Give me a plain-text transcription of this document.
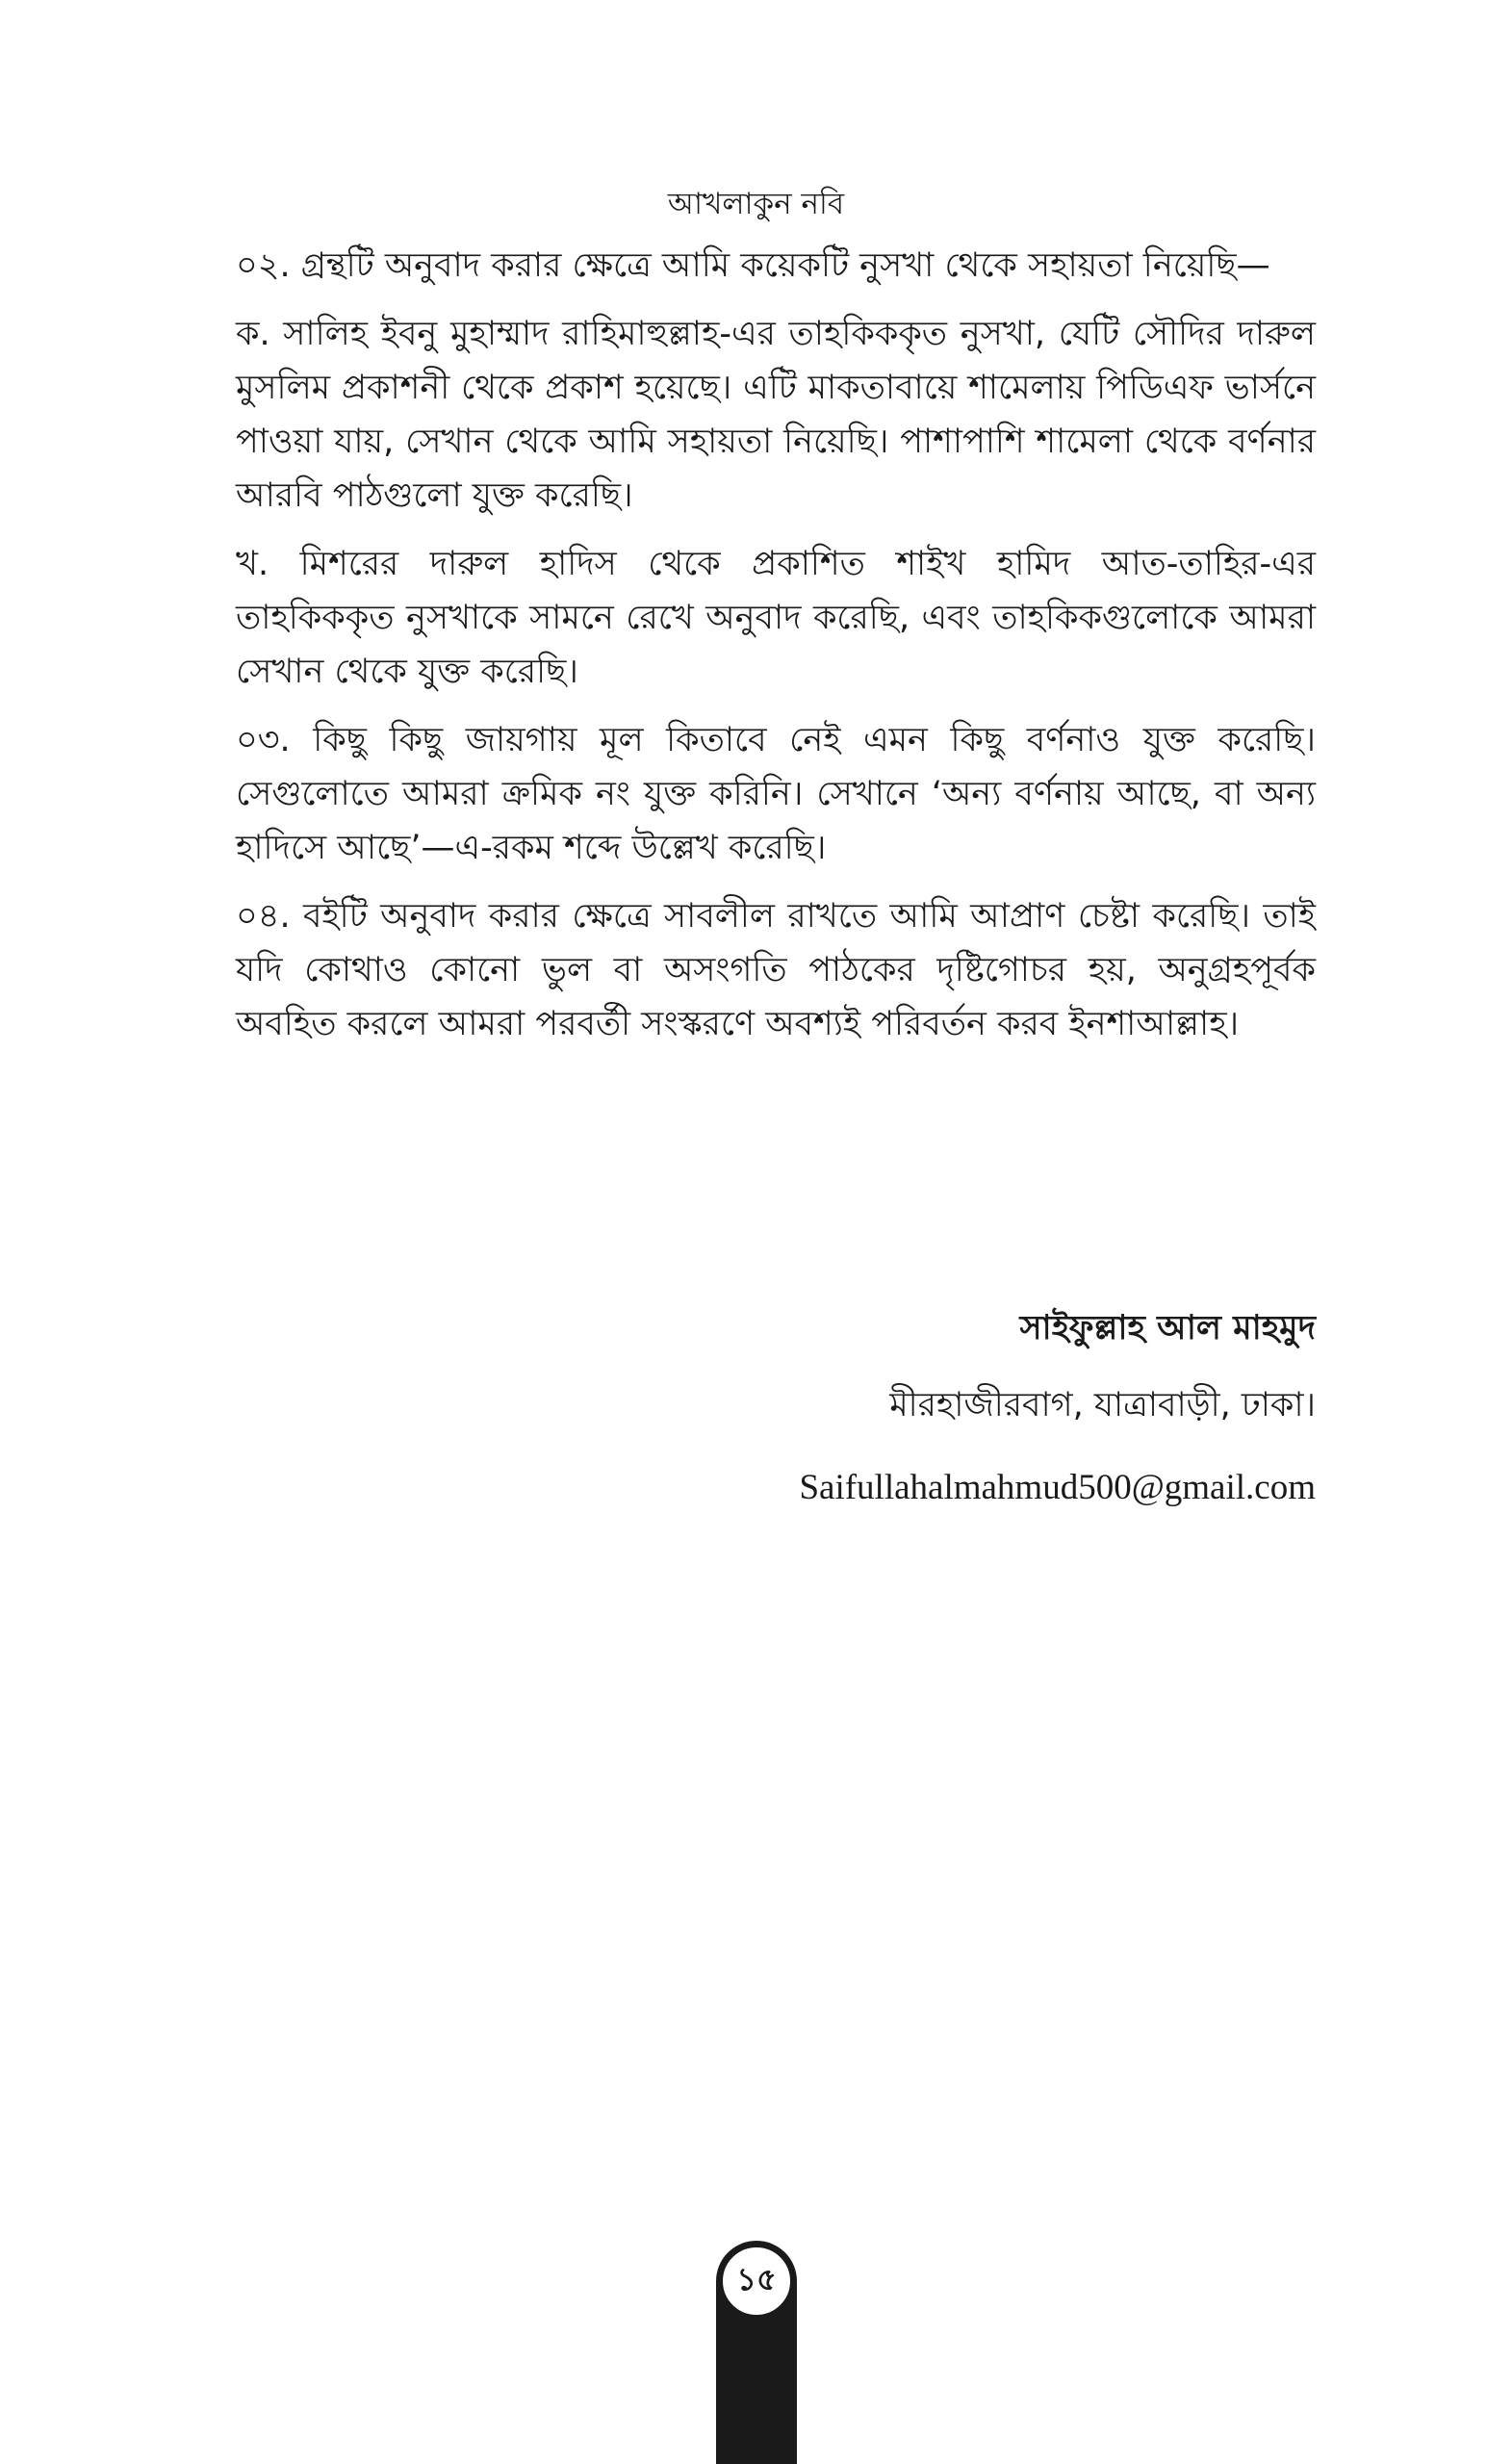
আখলাকুন নবি

০২. গ্রন্থটি অনুবাদ করার ক্ষেত্রে আমি কয়েকটি নুসখা থেকে সহায়তা নিয়েছি—

ক. সালিহ ইবনু মুহাম্মাদ রাহিমাহুল্লাহ-এর তাহকিককৃত নুসখা, যেটি সৌদির দারুল মুসলিম প্রকাশনী থেকে প্রকাশ হয়েছে। এটি মাকতাবায়ে শামেলায় পিডিএফ ভার্সনে পাওয়া যায়, সেখান থেকে আমি সহায়তা নিয়েছি। পাশাপাশি শামেলা থেকে বর্ণনার আরবি পাঠগুলো যুক্ত করেছি।

খ. মিশরের দারুল হাদিস থেকে প্রকাশিত শাইখ হামিদ আত-তাহির-এর তাহকিককৃত নুসখাকে সামনে রেখে অনুবাদ করেছি, এবং তাহকিকগুলোকে আমরা সেখান থেকে যুক্ত করেছি।

০৩. কিছু কিছু জায়গায় মূল কিতাবে নেই এমন কিছু বর্ণনাও যুক্ত করেছি। সেগুলোতে আমরা ক্রমিক নং যুক্ত করিনি। সেখানে ‘অন্য বর্ণনায় আছে, বা অন্য হাদিসে আছে’—এ-রকম শব্দে উল্লেখ করেছি।

০৪. বইটি অনুবাদ করার ক্ষেত্রে সাবলীল রাখতে আমি আপ্রাণ চেষ্টা করেছি। তাই যদি কোথাও কোনো ভুল বা অসংগতি পাঠকের দৃষ্টিগোচর হয়, অনুগ্রহপূর্বক অবহিত করলে আমরা পরবর্তী সংস্করণে অবশ্যই পরিবর্তন করব ইনশাআল্লাহ।

সাইফুল্লাহ আল মাহমুদ
মীরহাজীরবাগ, যাত্রাবাড়ী, ঢাকা।
Saifullahalmahmud500@gmail.com
১৫
